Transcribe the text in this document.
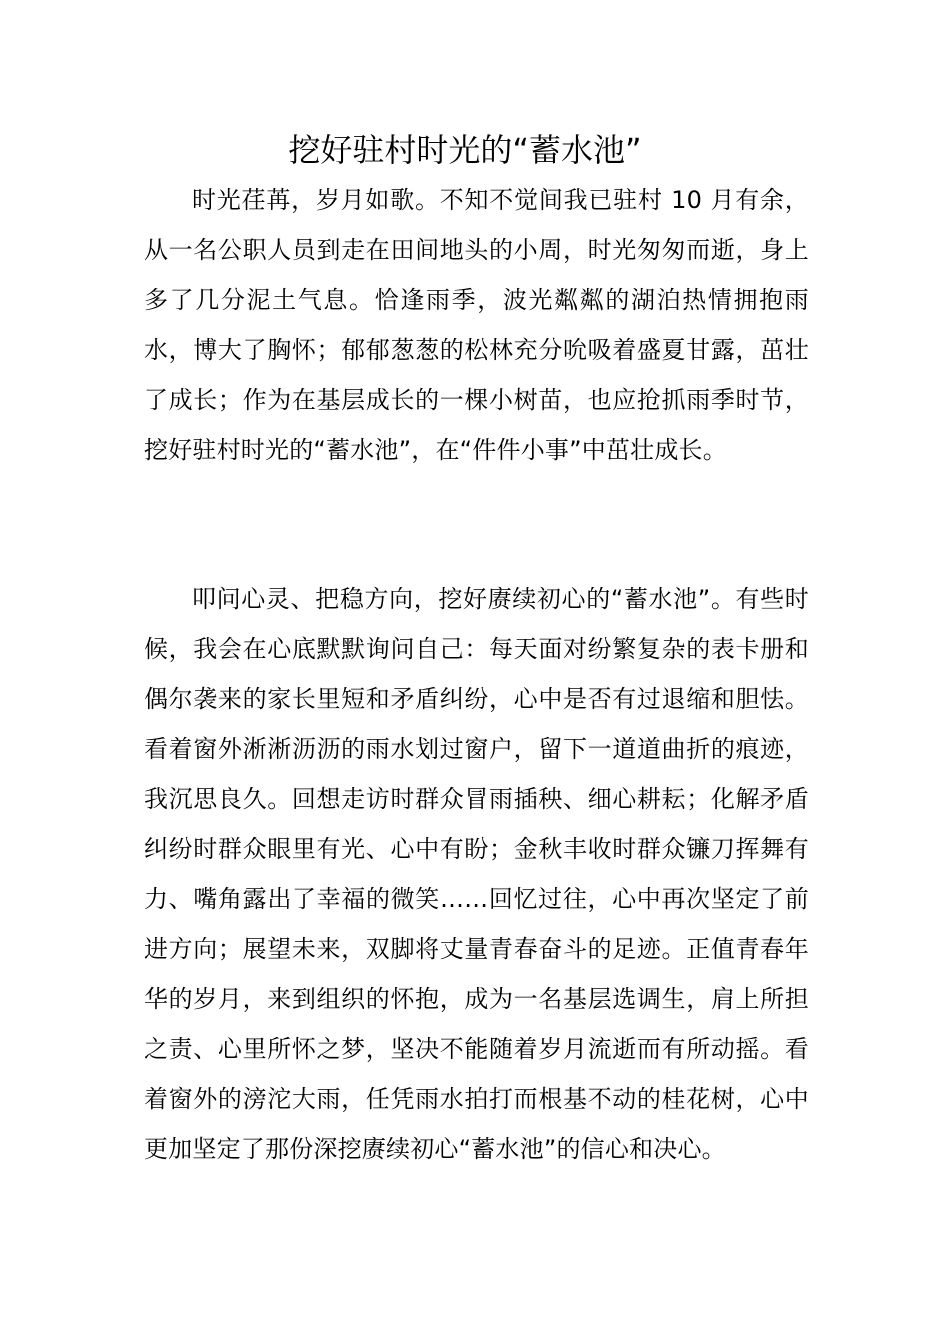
挖好驻村时光的“蓄水池”

时光荏苒，岁月如歌。不知不觉间我已驻村 10 月有余，从一名公职人员到走在田间地头的小周，时光匆匆而逝，身上多了几分泥土气息。恰逢雨季，波光粼粼的湖泊热情拥抱雨水，博大了胸怀；郁郁葱葱的松林充分吮吸着盛夏甘露，茁壮了成长；作为在基层成长的一棵小树苗，也应抢抓雨季时节，挖好驻村时光的“蓄水池”，在“件件小事”中茁壮成长。

叩问心灵、把稳方向，挖好赓续初心的“蓄水池”。有些时候，我会在心底默默询问自己：每天面对纷繁复杂的表卡册和偶尔袭来的家长里短和矛盾纠纷，心中是否有过退缩和胆怯。看着窗外淅淅沥沥的雨水划过窗户，留下一道道曲折的痕迹，我沉思良久。回想走访时群众冒雨插秧、细心耕耘；化解矛盾纠纷时群众眼里有光、心中有盼；金秋丰收时群众镰刀挥舞有力、嘴角露出了幸福的微笑……回忆过往，心中再次坚定了前进方向；展望未来，双脚将丈量青春奋斗的足迹。正值青春年华的岁月，来到组织的怀抱，成为一名基层选调生，肩上所担之责、心里所怀之梦，坚决不能随着岁月流逝而有所动摇。看着窗外的滂沱大雨，任凭雨水拍打而根基不动的桂花树，心中更加坚定了那份深挖赓续初心“蓄水池”的信心和决心。
